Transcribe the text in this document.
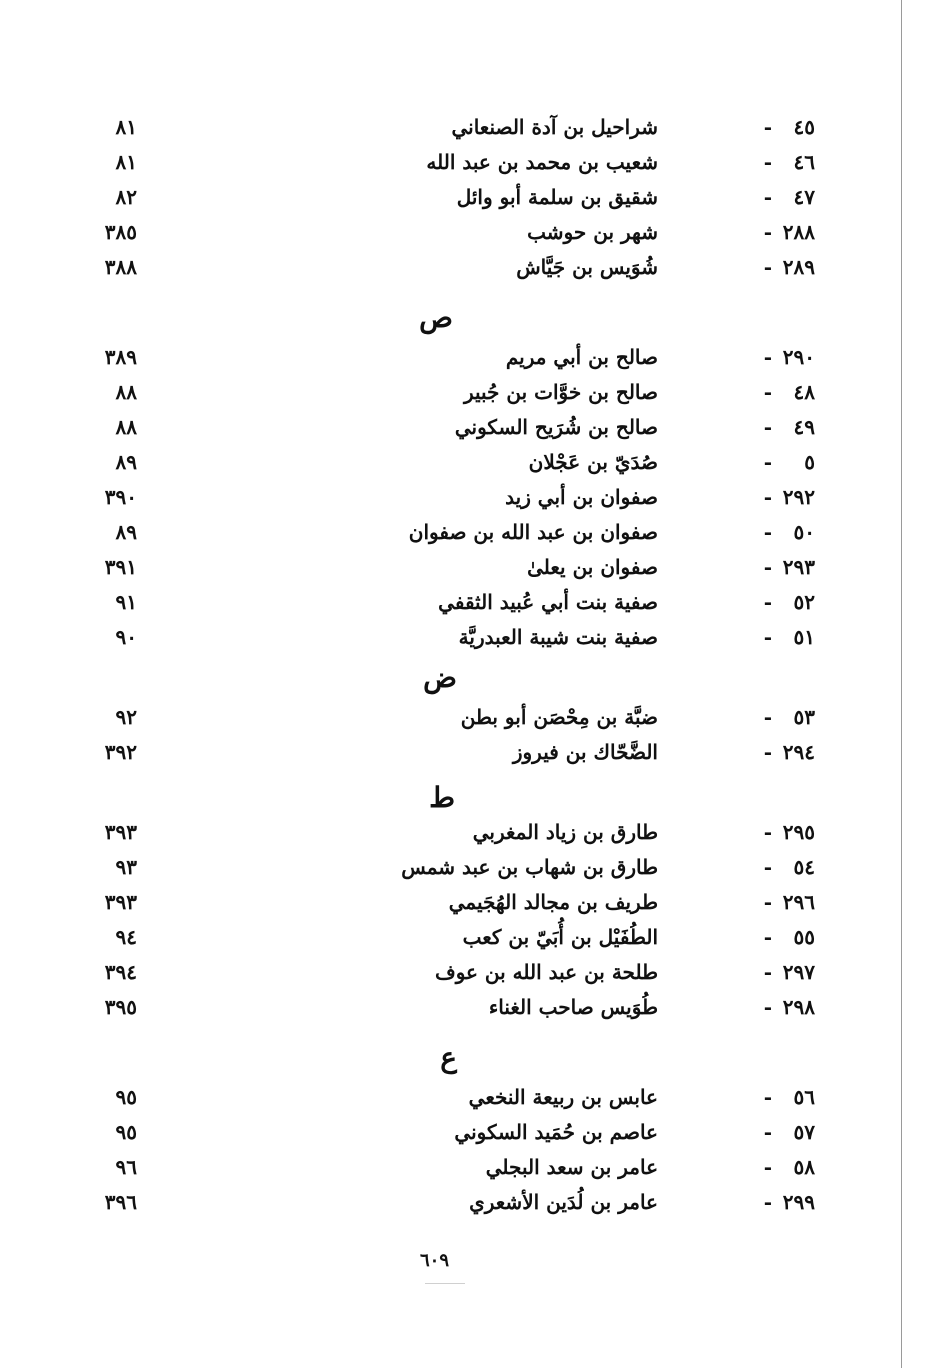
٤٥
-
شراحيل بن آدة الصنعاني
٨١
٤٦
-
شعيب بن محمد بن عبد الله
٨١
٤٧
-
شقيق بن سلمة أبو وائل
٨٢
٢٨٨
-
شهر بن حوشب
٣٨٥
٢٨٩
-
شُوَيس بن جَيَّاش
٣٨٨
ص
٢٩٠
-
صالح بن أبي مريم
٣٨٩
٤٨
-
صالح بن خوَّات بن جُبير
٨٨
٤٩
-
صالح بن شُرَيح السكوني
٨٨
٥
-
صُدَيّ بن عَجْلان
٨٩
٢٩٢
-
صفوان بن أبي زيد
٣٩٠
٥٠
-
صفوان بن عبد الله بن صفوان
٨٩
٢٩٣
-
صفوان بن يعلىٰ
٣٩١
٥٢
-
صفية بنت أبي عُبيد الثقفي
٩١
٥١
-
صفية بنت شيبة العبدريَّة
٩٠
ض
٥٣
-
ضبَّة بن مِحْصَن أبو بطن
٩٢
٢٩٤
-
الضَّحّاك بن فيروز
٣٩٢
ط
٢٩٥
-
طارق بن زياد المغربي
٣٩٣
٥٤
-
طارق بن شهاب بن عبد شمس
٩٣
٢٩٦
-
طريف بن مجالد الهُجَيمي
٣٩٣
٥٥
-
الطُفَيْل بن أُبَيّ بن كعب
٩٤
٢٩٧
-
طلحة بن عبد الله بن عوف
٣٩٤
٢٩٨
-
طُوَيس صاحب الغناء
٣٩٥
ع
٥٦
-
عابس بن ربيعة النخعي
٩٥
٥٧
-
عاصم بن حُمَيد السكوني
٩٥
٥٨
-
عامر بن سعد البجلي
٩٦
٢٩٩
-
عامر بن لُدَين الأشعري
٣٩٦
٦٠٩
